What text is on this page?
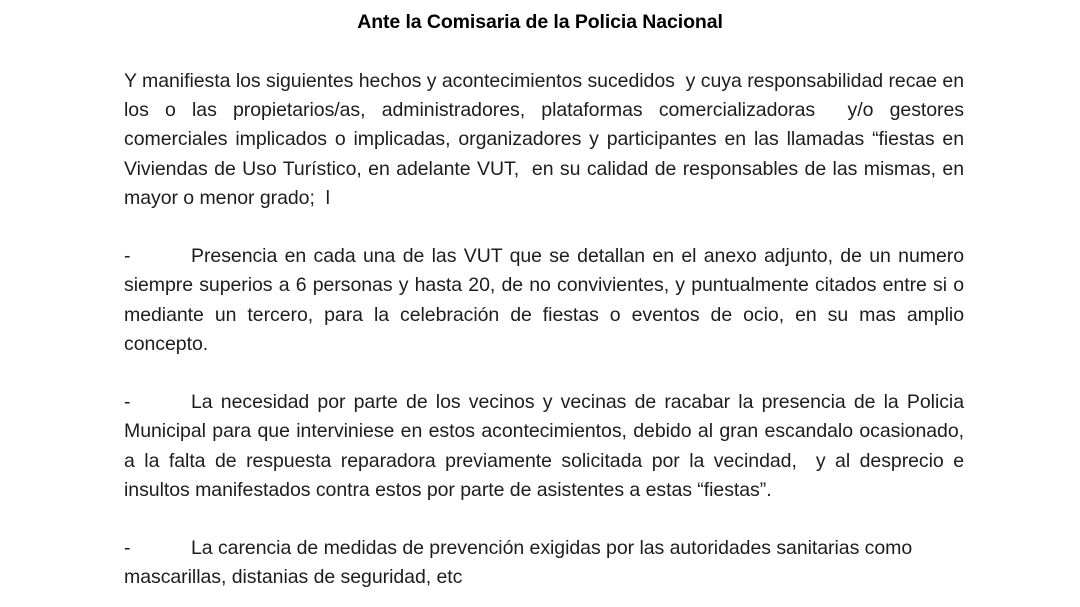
Ante la Comisaria de la Policia Nacional

Y manifiesta los siguientes hechos y acontecimientos sucedidos  y cuya responsabilidad recae en los o las propietarios/as, administradores, plataformas comercializadoras  y/o gestores comerciales implicados o implicadas, organizadores y participantes en las llamadas “fiestas en Viviendas de Uso Turístico, en adelante VUT,  en su calidad de responsables de las mismas, en mayor o menor grado;  l

-	Presencia en cada una de las VUT que se detallan en el anexo adjunto, de un numero siempre superios a 6 personas y hasta 20, de no convivientes, y puntualmente citados entre si o mediante un tercero, para la celebración de fiestas o eventos de ocio, en su mas amplio concepto.

-	La necesidad por parte de los vecinos y vecinas de racabar la presencia de la Policia Municipal para que interviniese en estos acontecimientos, debido al gran escandalo ocasionado, a la falta de respuesta reparadora previamente solicitada por la vecindad,  y al desprecio e insultos manifestados contra estos por parte de asistentes a estas “fiestas”.

-	La carencia de medidas de prevención exigidas por las autoridades sanitarias como mascarillas, distanias de seguridad, etc
